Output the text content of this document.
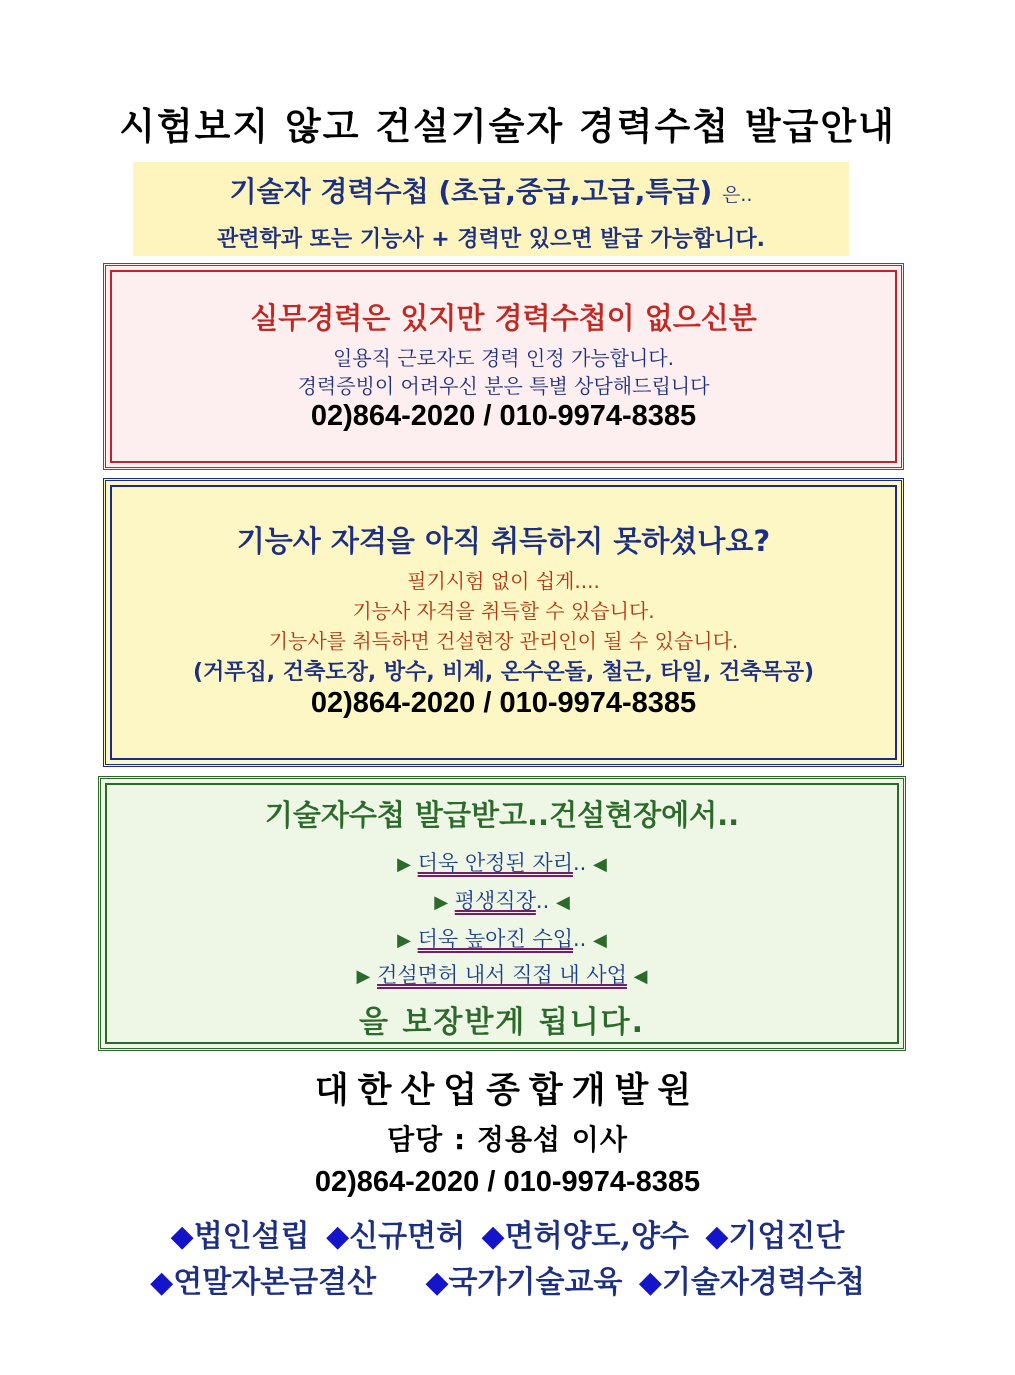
시험보지 않고 건설기술자 경력수첩 발급안내
기술자 경력수첩 (초급,중급,고급,특급) 은..
관련학과 또는 기능사 + 경력만 있으면 발급 가능합니다.
실무경력은 있지만 경력수첩이 없으신분
일용직 근로자도 경력 인정 가능합니다.
경력증빙이 어려우신 분은 특별 상담해드립니다
02)864-2020 / 010-9974-8385
기능사 자격을 아직 취득하지 못하셨나요?
필기시험 없이 쉽게....
기능사 자격을 취득할 수 있습니다.
기능사를 취득하면 건설현장 관리인이 될 수 있습니다.
(거푸집, 건축도장, 방수, 비계, 온수온돌, 철근, 타일, 건축목공)
02)864-2020 / 010-9974-8385
기술자수첩 발급받고..건설현장에서..
▶ 더욱 안정된 자리.. ◀
▶ 평생직장.. ◀
▶ 더욱 높아진 수입.. ◀
▶ 건설면허 내서 직접 내 사업 ◀
을 보장받게 됩니다.
대한산업종합개발원
담당 : 정용섭 이사
02)864-2020 / 010-9974-8385
◆법인설립 ◆신규면허 ◆면허양도,양수 ◆기업진단
◆연말자본금결산 ◆국가기술교육 ◆기술자경력수첩
